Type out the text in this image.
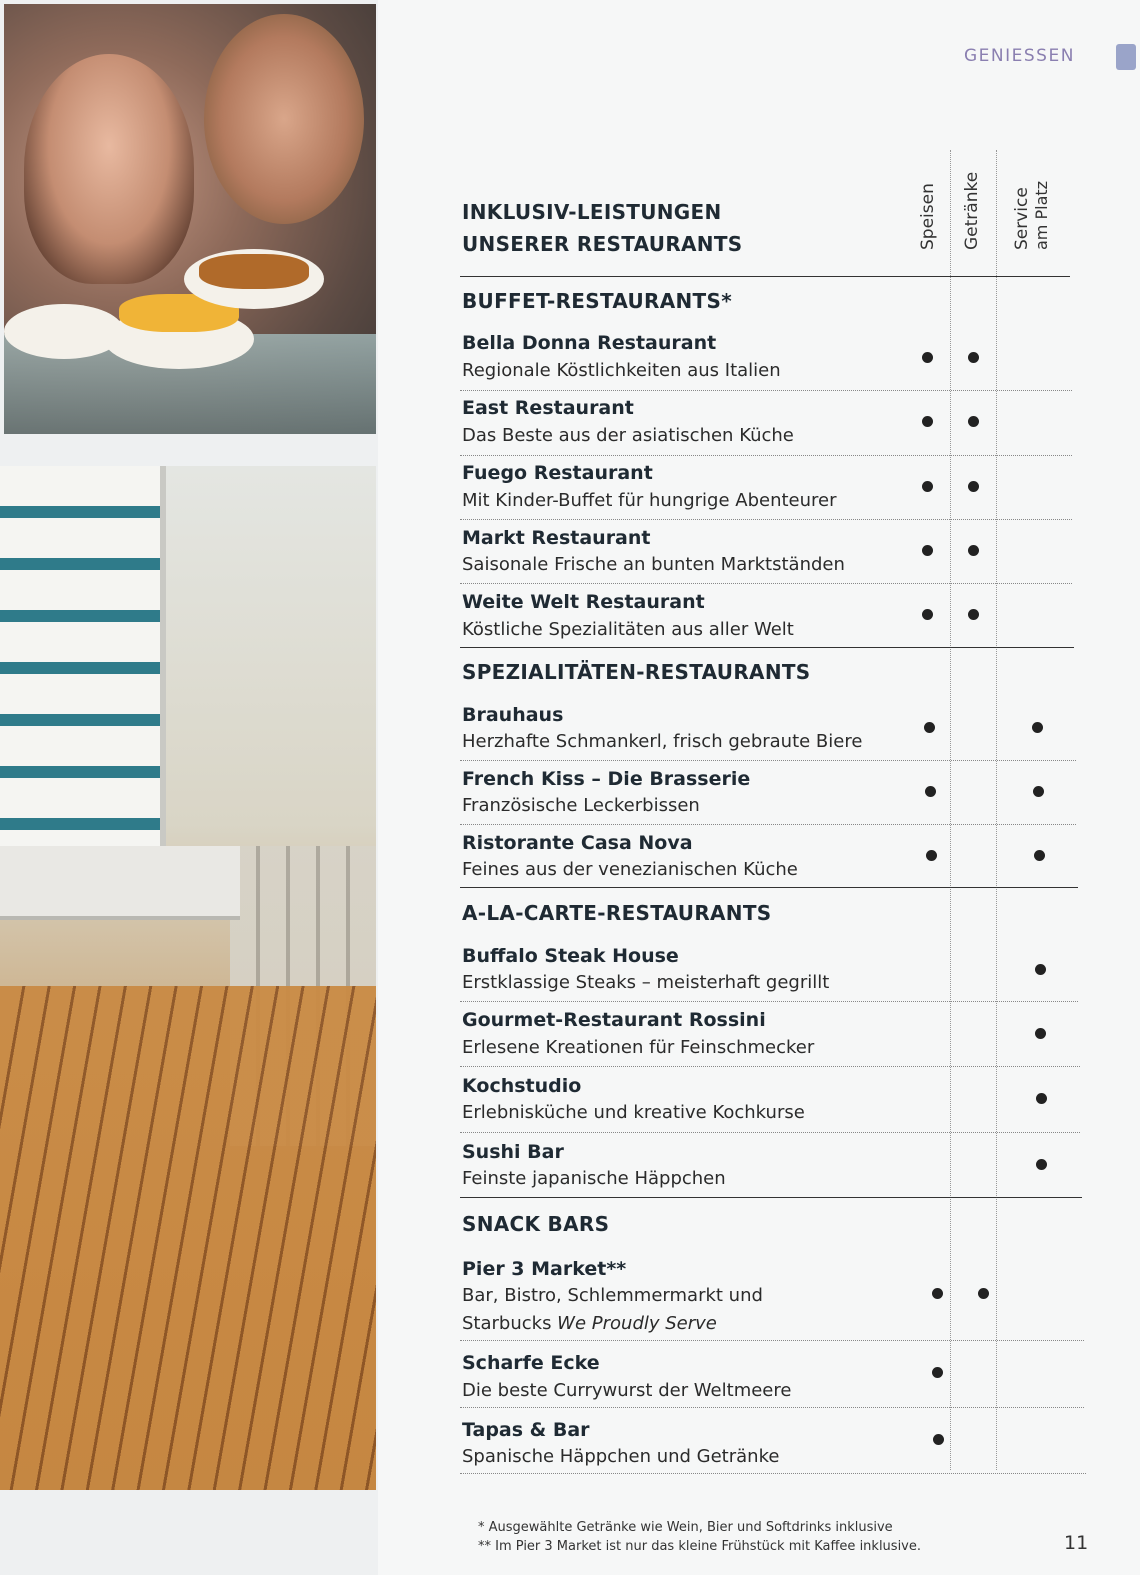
GENIESSEN
INKLUSIV-LEISTUNGEN
UNSERER RESTAURANTS	Speisen Getränke Service am Platz
BUFFET-RESTAURANTS*
Bella Donna Restaurant
Regionale Köstlichkeiten aus Italien
East Restaurant
Das Beste aus der asiatischen Küche
Fuego Restaurant
Mit Kinder-Buffet für hungrige Abenteurer
Markt Restaurant
Saisonale Frische an bunten Marktständen
Weite Welt Restaurant
Köstliche Spezialitäten aus aller Welt
SPEZIALITÄTEN-RESTAURANTS
Brauhaus
Herzhafte Schmankerl, frisch gebraute Biere
French Kiss – Die Brasserie
Französische Leckerbissen
Ristorante Casa Nova
Feines aus der venezianischen Küche
A-LA-CARTE-RESTAURANTS
Buffalo Steak House
Erstklassige Steaks – meisterhaft gegrillt
Gourmet-Restaurant Rossini
Erlesene Kreationen für Feinschmecker
Kochstudio
Erlebnisküche und kreative Kochkurse
Sushi Bar
Feinste japanische Häppchen
SNACK BARS
Pier 3 Market**
Bar, Bistro, Schlemmermarkt und
Starbucks We Proudly Serve
Scharfe Ecke
Die beste Currywurst der Weltmeere
Tapas & Bar
Spanische Häppchen und Getränke
* Ausgewählte Getränke wie Wein, Bier und Softdrinks inklusive
** Im Pier 3 Market ist nur das kleine Frühstück mit Kaffee inklusive.	11
